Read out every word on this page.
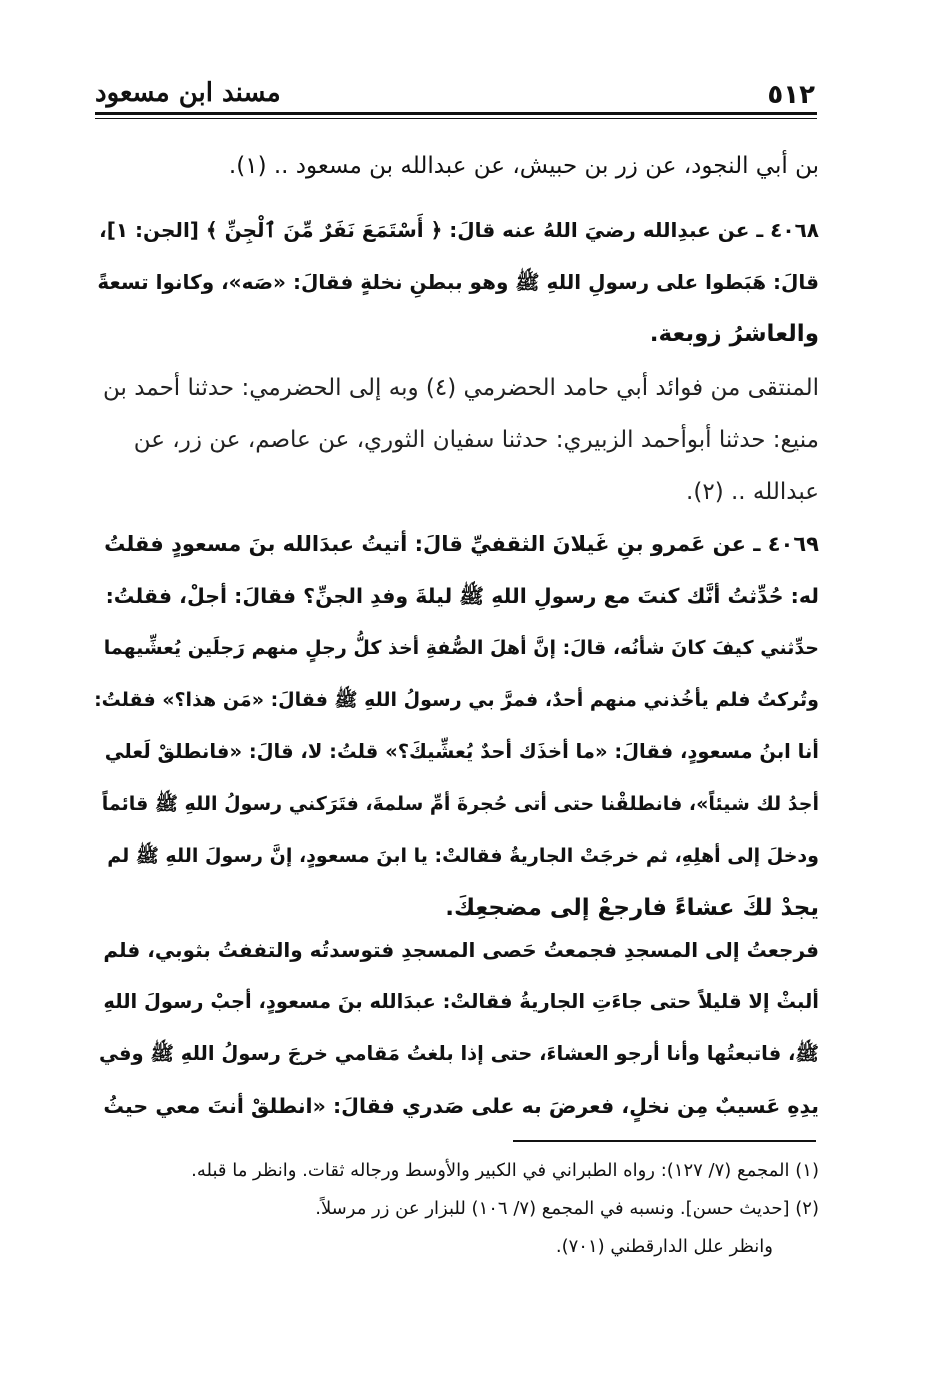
٥١٢
مسند ابن مسعود
بن أبي النجود، عن زر بن حبيش، عن عبدالله بن مسعود .. (١).
٤٠٦٨ ـ عن عبدِالله رضيَ اللهُ عنه قالَ: ﴿ أَسْتَمَعَ نَفَرٌ مِّنَ ٱلْجِنِّ ﴾ [الجن: ١]،
قالَ: هَبَطوا على رسولِ اللهِ ﷺ وهو ببطنِ نخلةٍ فقالَ: «صَه»، وكانوا تسعةً
والعاشرُ زوبعة.
المنتقى من فوائد أبي حامد الحضرمي (٤) وبه إلى الحضرمي: حدثنا أحمد بن
منيع: حدثنا أبوأحمد الزبيري: حدثنا سفيان الثوري، عن عاصم، عن زر، عن
عبدالله .. (٢).
٤٠٦٩ ـ عن عَمرو بنِ غَيلانَ الثقفيِّ قالَ: أتيتُ عبدَالله بنَ مسعودٍ فقلتُ
له: حُدِّثتُ أنَّك كنتَ مع رسولِ اللهِ ﷺ ليلةَ وفدِ الجنِّ؟ فقالَ: أجلْ، فقلتُ:
حدِّثني كيفَ كانَ شأنُه، قالَ: إنَّ أهلَ الصُّفةِ أخذ كلُّ رجلٍ منهم رَجلَين يُعشِّيهما
وتُركتُ فلم يأخُذني منهم أحدٌ، فمرَّ بي رسولُ اللهِ ﷺ فقالَ: «مَن هذا؟» فقلتُ:
أنا ابنُ مسعودٍ، فقالَ: «ما أخذَك أحدٌ يُعشِّيكَ؟» قلتُ: لا، قالَ: «فانطلقْ لَعلي
أجدُ لك شيئاً»، فانطلقْنا حتى أتى حُجرةَ أمِّ سلمةَ، فتَرَكني رسولُ اللهِ ﷺ قائماً
ودخلَ إلى أهلِهِ، ثم خرجَتْ الجاريةُ فقالتْ: يا ابنَ مسعودٍ، إنَّ رسولَ اللهِ ﷺ لم
يجدْ لكَ عشاءً فارجعْ إلى مضجعِكَ.
فرجعتُ إلى المسجدِ فجمعتُ حَصى المسجدِ فتوسدتُه والتففتُ بثوبي، فلم
ألبثْ إلا قليلاً حتى جاءَتِ الجاريةُ فقالتْ: عبدَالله بنَ مسعودٍ، أجبْ رسولَ اللهِ
ﷺ، فاتبعتُها وأنا أرجو العشاءَ، حتى إذا بلغتُ مَقامي خرجَ رسولُ اللهِ ﷺ وفي
يدِهِ عَسيبٌ مِن نخلٍ، فعرضَ به على صَدري فقالَ: «انطلقْ أنتَ معي حيثُ
(١) المجمع (٧/ ١٢٧): رواه الطبراني في الكبير والأوسط ورجاله ثقات. وانظر ما قبله.
(٢) [حديث حسن]. ونسبه في المجمع (٧/ ١٠٦) للبزار عن زر مرسلاً.
وانظر علل الدارقطني (٧٠١).
